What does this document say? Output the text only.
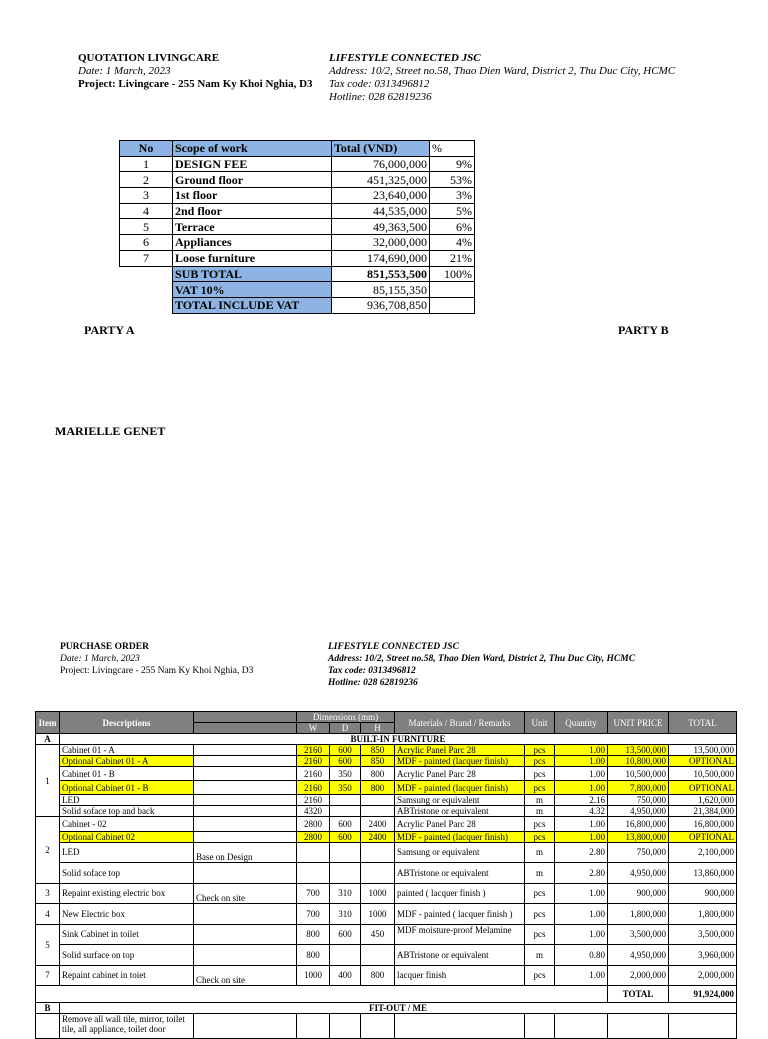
QUOTATION LIVINGCARE
Date: 1 March, 2023
Project: Livingcare - 255 Nam Ky Khoi Nghia, D3
LIFESTYLE CONNECTED JSC
Address: 10/2, Street no.58, Thao Dien Ward, District 2, Thu Duc City, HCMC
Tax code: 0313496812
Hotline: 028 62819236
No	Scope of work	Total (VND)	%
1	DESIGN FEE	76,000,000	9%
2	Ground floor	451,325,000	53%
3	1st floor	23,640,000	3%
4	2nd floor	44,535,000	5%
5	Terrace	49,363,500	6%
6	Appliances	32,000,000	4%
7	Loose furniture	174,690,000	21%
	SUB TOTAL	851,553,500	100%
	VAT 10%	85,155,350	
	TOTAL INCLUDE VAT	936,708,850	
PARTY A	PARTY B
MARIELLE GENET
PURCHASE ORDER
Date: 1 March, 2023
Project: Livingcare - 255 Nam Ky Khoi Nghia, D3
LIFESTYLE CONNECTED JSC
Address: 10/2, Street no.58, Thao Dien Ward, District 2, Thu Duc City, HCMC
Tax code: 0313496812
Hotline: 028 62819236
Item	Descriptions		Dimensions (mm)			Materials / Brand / Remarks	Unit	Quantity	UNIT PRICE	TOTAL
			W	D	H					
A	BUILT-IN FURNITURE									
1	Cabinet 01 - A		2160	600	850	Acrylic Panel Parc 28	pcs	1.00	13,500,000	13,500,000
	Optional Cabinet 01 - A		2160	600	850	MDF - painted (lacquer finish)	pcs	1.00	10,800,000	OPTIONAL
	Cabinet 01 - B		2160	350	800	Acrylic Panel Parc 28	pcs	1.00	10,500,000	10,500,000
	Optional Cabinet 01 - B		2160	350	800	MDF - painted (lacquer finish)	pcs	1.00	7,800,000	OPTIONAL
	LED		2160			Samsung or equivalent	m	2.16	750,000	1,620,000
	Solid soface top and back		4320			ABTristone or equivalent	m	4.32	4,950,000	21,384,000
2	Cabinet - 02		2800	600	2400	Acrylic Panel Parc 28	pcs	1.00	16,800,000	16,800,000
	Optional Cabinet 02		2800	600	2400	MDF - painted (lacquer finish)	pcs	1.00	13,800,000	OPTIONAL
	LED	Base on Design				Samsung or equivalent	m	2.80	750,000	2,100,000
	Solid soface top					ABTristone or equivalent	m	2.80	4,950,000	13,860,000
3	Repaint existing electric box	Check on site	700	310	1000	painted ( lacquer finish )	pcs	1.00	900,000	900,000
4	New Electric box		700	310	1000	MDF - painted ( lacquer finish )	pcs	1.00	1,800,000	1,800,000
5	Sink Cabinet in toilet		800	600	450	MDF moisture-proof Melamine	pcs	1.00	3,500,000	3,500,000
	Solid surface on top		800			ABTristone or equivalent	m	0.80	4,950,000	3,960,000
7	Repaint cabinet in toiet	Check on site	1000	400	800	lacquer finish	pcs	1.00	2,000,000	2,000,000
									TOTAL	91,924,000
B	FIT-OUT / ME									
	Remove all wall tile, mirror, toilet tile, all appliance, toilet door									
